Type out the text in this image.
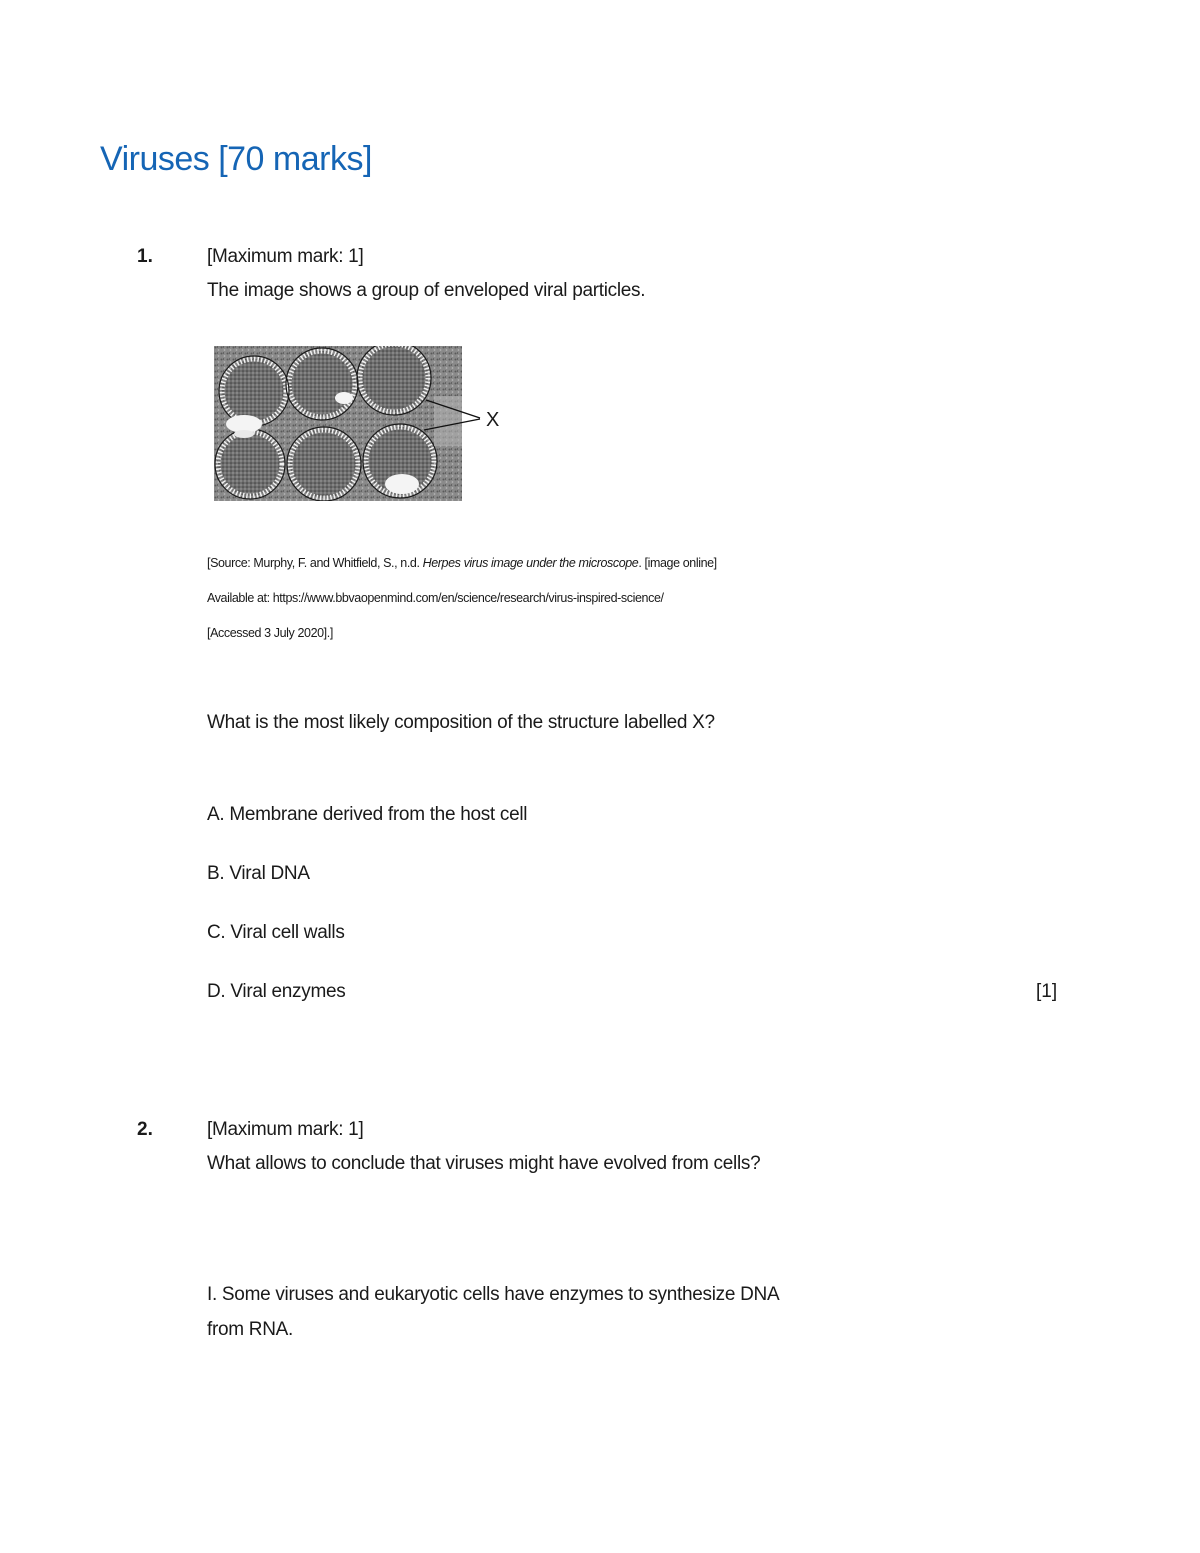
Viruses [70 marks]
1.	[Maximum mark: 1]
The image shows a group of enveloped viral particles.
X
[Source: Murphy, F. and Whitfield, S., n.d. Herpes virus image under the microscope. [image online]
Available at: https://www.bbvaopenmind.com/en/science/research/virus-inspired-science/
[Accessed 3 July 2020].]
What is the most likely composition of the structure labelled X?
A. Membrane derived from the host cell
B. Viral DNA
C. Viral cell walls
D. Viral enzymes	[1]
2.	[Maximum mark: 1]
What allows to conclude that viruses might have evolved from cells?
I. Some viruses and eukaryotic cells have enzymes to synthesize DNA
from RNA.
